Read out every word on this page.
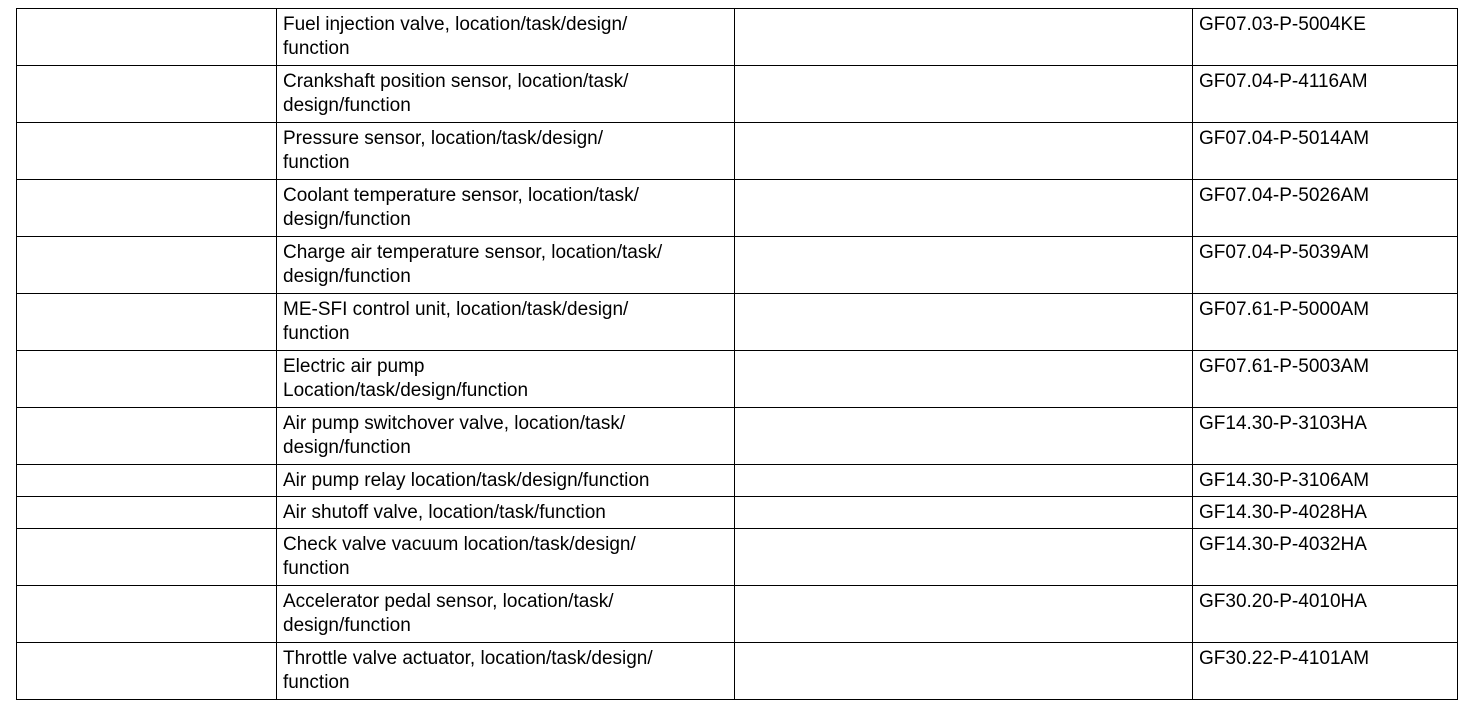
	Fuel injection valve, location/task/design/
function		GF07.03-P-5004KE

	Crankshaft position sensor, location/task/
design/function		GF07.04-P-4116AM

	Pressure sensor, location/task/design/
function		GF07.04-P-5014AM

	Coolant temperature sensor, location/task/
design/function		GF07.04-P-5026AM

	Charge air temperature sensor, location/task/
design/function		GF07.04-P-5039AM

	ME-SFI control unit, location/task/design/
function		GF07.61-P-5000AM

	Electric air pump
Location/task/design/function		GF07.61-P-5003AM

	Air pump switchover valve, location/task/
design/function		GF14.30-P-3103HA

	Air pump relay location/task/design/function		GF14.30-P-3106AM

	Air shutoff valve, location/task/function		GF14.30-P-4028HA

	Check valve vacuum location/task/design/
function		GF14.30-P-4032HA

	Accelerator pedal sensor, location/task/
design/function		GF30.20-P-4010HA

	Throttle valve actuator, location/task/design/
function		GF30.22-P-4101AM
